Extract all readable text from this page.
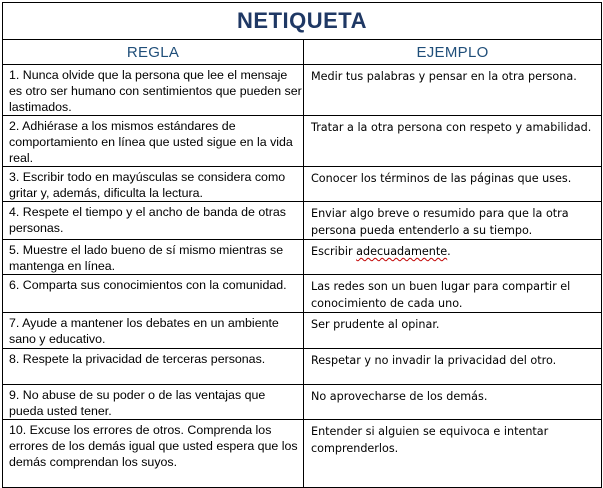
NETIQUETA	
REGLA	EJEMPLO
1. Nunca olvide que la persona que lee el mensaje es otro ser humano con sentimientos que pueden ser lastimados.	Medir tus palabras y pensar en la otra persona.
2. Adhiérase a los mismos estándares de comportamiento en línea que usted sigue en la vida real.	Tratar a la otra persona con respeto y amabilidad.
3. Escribir todo en mayúsculas se considera como gritar y, además, dificulta la lectura.	Conocer los términos de las páginas que uses.
4. Respete el tiempo y el ancho de banda de otras personas.	Enviar algo breve o resumido para que la otra persona pueda entenderlo a su tiempo.
5. Muestre el lado bueno de sí mismo mientras se mantenga en línea.	Escribir adecuadamente.
6. Comparta sus conocimientos con la comunidad.	Las redes son un buen lugar para compartir el conocimiento de cada uno.
7. Ayude a mantener los debates en un ambiente sano y educativo.	Ser prudente al opinar.
8. Respete la privacidad de terceras personas.	Respetar y no invadir la privacidad del otro.
9. No abuse de su poder o de las ventajas que pueda usted tener.	No aprovecharse de los demás.
10. Excuse los errores de otros. Comprenda los errores de los demás igual que usted espera que los demás comprendan los suyos.	Entender si alguien se equivoca e intentar comprenderlos.
